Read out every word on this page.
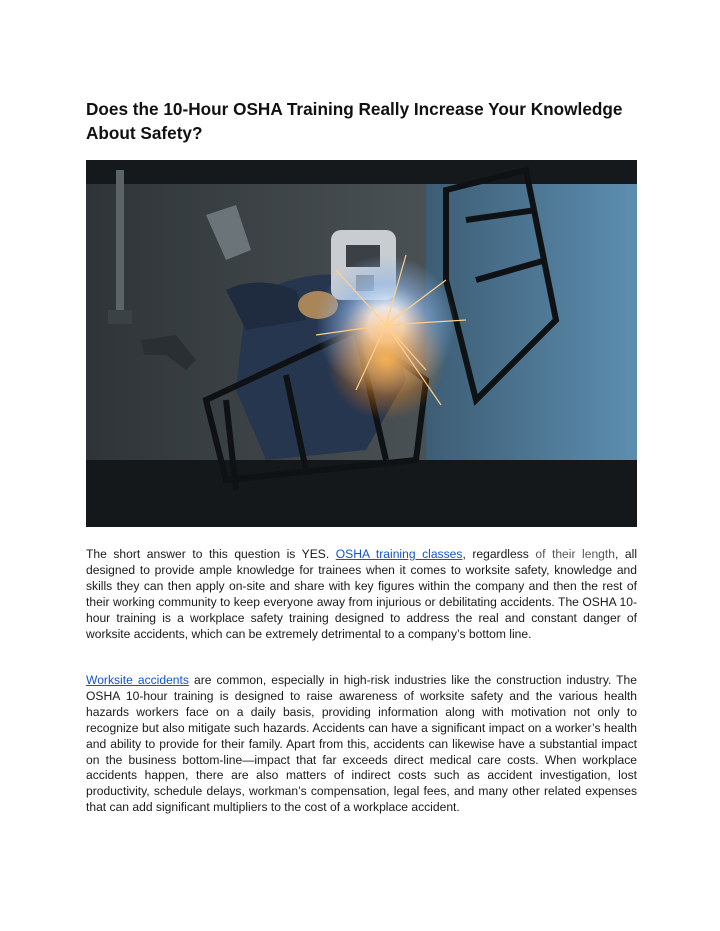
Does the 10-Hour OSHA Training Really Increase Your Knowledge About Safety?

The short answer to this question is YES. OSHA training classes, regardless of their length, all designed to provide ample knowledge for trainees when it comes to worksite safety, knowledge and skills they can then apply on-site and share with key figures within the company and then the rest of their working community to keep everyone away from injurious or debilitating accidents. The OSHA 10-hour training is a workplace safety training designed to address the real and constant danger of worksite accidents, which can be extremely detrimental to a company’s bottom line.

Worksite accidents are common, especially in high-risk industries like the construction industry. The OSHA 10-hour training is designed to raise awareness of worksite safety and the various health hazards workers face on a daily basis, providing information along with motivation not only to recognize but also mitigate such hazards. Accidents can have a significant impact on a worker’s health and ability to provide for their family. Apart from this, accidents can likewise have a substantial impact on the business bottom-line—impact that far exceeds direct medical care costs. When workplace accidents happen, there are also matters of indirect costs such as accident investigation, lost productivity, schedule delays, workman’s compensation, legal fees, and many other related expenses that can add significant multipliers to the cost of a workplace accident.
